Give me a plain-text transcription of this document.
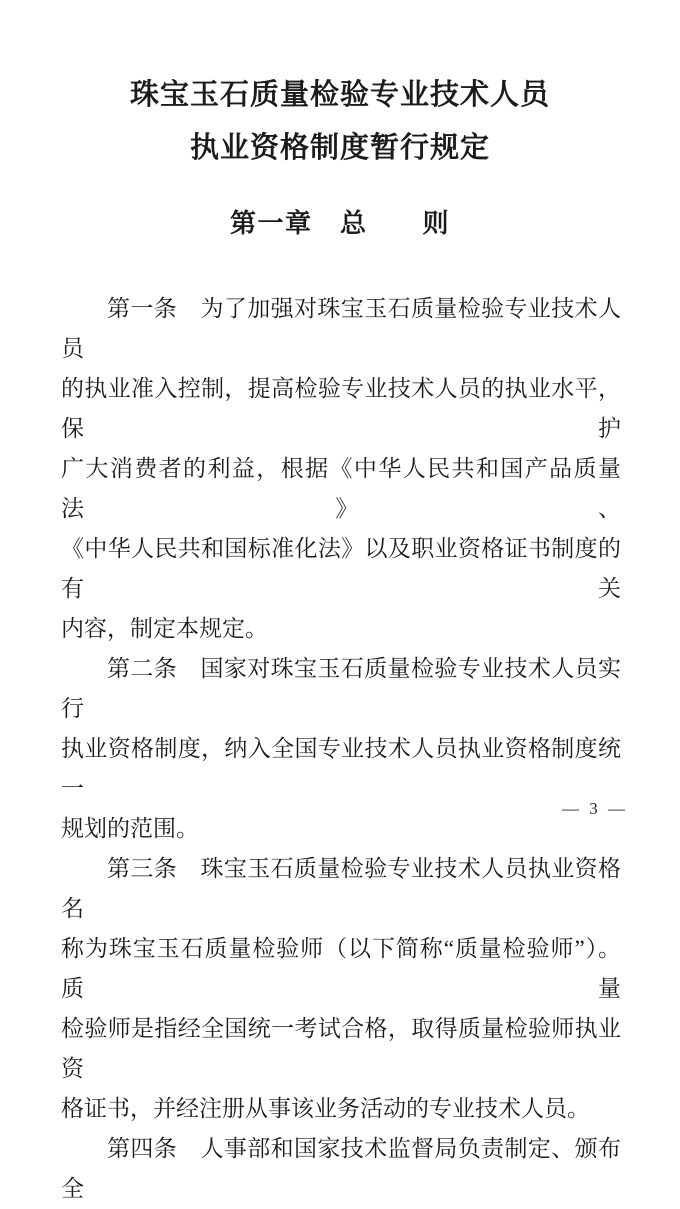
珠宝玉石质量检验专业技术人员
执业资格制度暂行规定
第一章　总　　则
第一条　为了加强对珠宝玉石质量检验专业技术人员
的执业准入控制，提高检验专业技术人员的执业水平，保护
广大消费者的利益，根据《中华人民共和国产品质量法》、
《中华人民共和国标准化法》以及职业资格证书制度的有关
内容，制定本规定。
第二条　国家对珠宝玉石质量检验专业技术人员实行
执业资格制度，纳入全国专业技术人员执业资格制度统一
规划的范围。
第三条　珠宝玉石质量检验专业技术人员执业资格名
称为珠宝玉石质量检验师（以下简称“质量检验师”）。质量
检验师是指经全国统一考试合格，取得质量检验师执业资
格证书，并经注册从事该业务活动的专业技术人员。
第四条　人事部和国家技术监督局负责制定、颁布全
— 3 —
